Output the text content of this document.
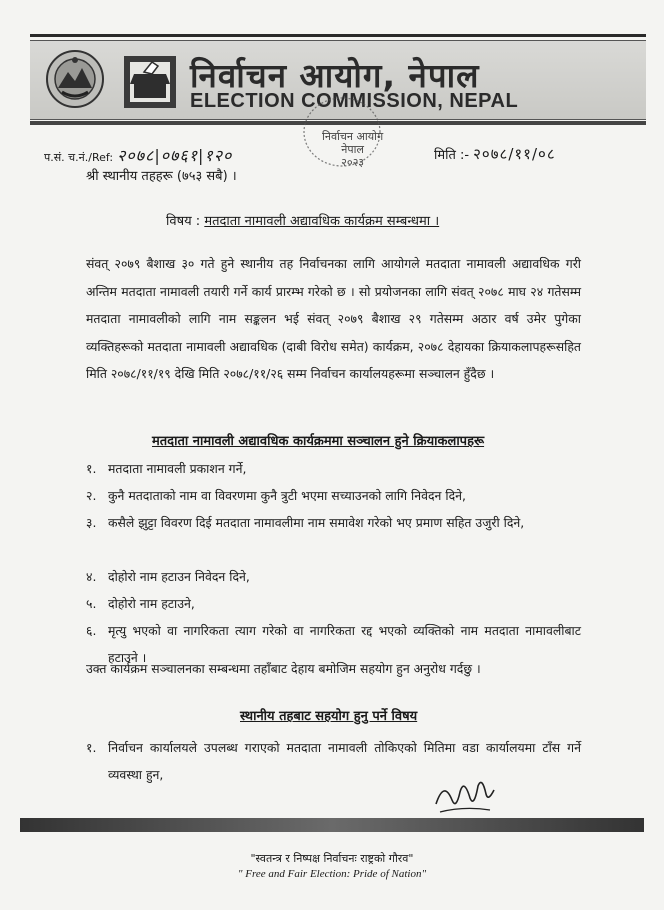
निर्वाचन आयोग, नेपाल
ELECTION COMMISSION, NEPAL
निर्वाचन आयोग
नेपाल
२०२३
प.सं. च.नं./Ref: २०७८|०७६१|१२०	मिति :- २०७८/११/०८
श्री स्थानीय तहहरू (७५३ सबै) ।
विषय : मतदाता नामावली अद्यावधिक कार्यक्रम सम्बन्धमा ।
संवत् २०७९ बैशाख ३० गते हुने स्थानीय तह निर्वाचनका लागि आयोगले मतदाता नामावली अद्यावधिक गरी अन्तिम मतदाता नामावली तयारी गर्ने कार्य प्रारम्भ गरेको छ । सो प्रयोजनका लागि संवत् २०७८ माघ २४ गतेसम्म मतदाता नामावलीको लागि नाम सङ्कलन भई संवत् २०७९ बैशाख २९ गतेसम्म अठार वर्ष उमेर पुगेका व्यक्तिहरूको मतदाता नामावली अद्यावधिक (दाबी विरोध समेत) कार्यक्रम, २०७८ देहायका क्रियाकलापहरूसहित मिति २०७८/११/१९ देखि मिति २०७८/११/२६ सम्म निर्वाचन कार्यालयहरूमा सञ्चालन हुँदैछ ।
मतदाता नामावली अद्यावधिक कार्यक्रममा सञ्चालन हुने क्रियाकलापहरू
१. मतदाता नामावली प्रकाशन गर्ने,
२. कुनै मतदाताको नाम वा विवरणमा कुनै त्रुटी भएमा सच्याउनको लागि निवेदन दिने,
३. कसैले झुट्टा विवरण दिई मतदाता नामावलीमा नाम समावेश गरेको भए प्रमाण सहित उजुरी दिने,
४. दोहोरो नाम हटाउन निवेदन दिने,
५. दोहोरो नाम हटाउने,
६. मृत्यु भएको वा नागरिकता त्याग गरेको वा नागरिकता रद्द भएको व्यक्तिको नाम मतदाता नामावलीबाट हटाउने ।
उक्त कार्यक्रम सञ्चालनका सम्बन्धमा तहाँबाट देहाय बमोजिम सहयोग हुन अनुरोध गर्दछु ।
स्थानीय तहबाट सहयोग हुनु पर्ने विषय
१. निर्वाचन कार्यालयले उपलब्ध गराएको मतदाता नामावली तोकिएको मितिमा वडा कार्यालयमा टाँस गर्ने व्यवस्था हुन,
"स्वतन्त्र र निष्पक्ष निर्वाचनः राष्ट्रको गौरव"
" Free and Fair Election: Pride of Nation"
